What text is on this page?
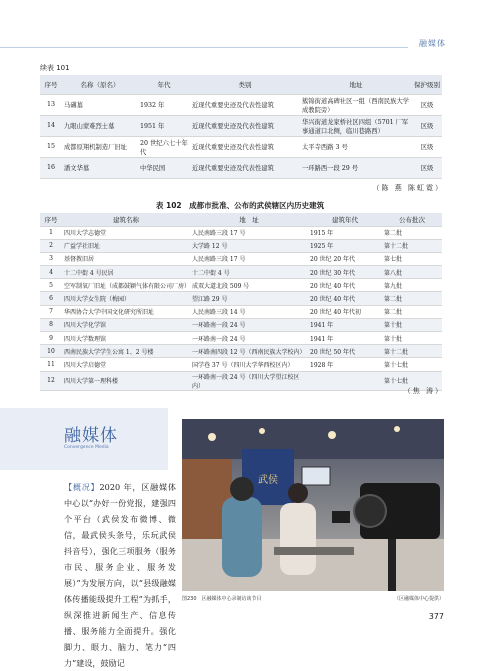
融媒体
续表 101
序号	名称（原名）	年代	类别	地址	保护级别
13	马礴墓	1932 年	近现代重要史迹及代表性建筑	簇锦街道高碑社区一组（西南民族大学成教院旁）	区级
14	九眼山蒙难烈士墓	1951 年	近现代重要史迹及代表性建筑	华兴街道龙家桥社区四组（5701 厂军事通道口北侧，临川巷路西）	区级
15	成都原翔机制造厂旧址	20 世纪六七十年代	近现代重要史迹及代表性建筑	太平寺西路 3 号	区级
16	潘文华墓	中华民国	近现代重要史迹及代表性建筑	一环路西一段 29 号	区级
（陈 燕 陈虹霓）
表 102　成都市批准、公布的武侯辖区内历史建筑
序号	建筑名称	地　址	建筑年代	公布批次
1	四川大学志德堂	人民南路三段 17 号	1915 年	第二批
2	广益学社旧址	大学路 12 号	1925 年	第十二批
3	基督教旧居	人民南路三段 17 号	20 世纪 20 年代	第七批
4	十二中街 4 号民居	十二中街 4 号	20 世纪 30 年代	第八批
5	空军制氧厂旧址（成都鼓颖气体有限公司厂房）	成双大道北段 509 号	20 世纪 40 年代	第九批
6	四川大学女生院（梅园）	望江路 29 号	20 世纪 40 年代	第二批
7	华西协合大学中国文化研究所旧址	人民南路三段 14 号	20 世纪 40 年代初	第二批
8	四川大学化学馆	一环路南一段 24 号	1941 年	第十批
9	四川大学数理馆	一环路南一段 24 号	1941 年	第十批
10	西南民族大学学生公寓 1、2 号楼	一环路南四段 12 号（西南民族大学校内）	20 世纪 50 年代	第十二批
11	四川大学启德堂	国学巷 37 号（四川大学华西校区内）	1928 年	第十七批
12	四川大学第一理科楼	一环路南一段 24 号（四川大学望江校区内）		第十七批
（焦 涛）
融媒体
Convergence Media
【概况】2020 年，区融媒体中心以“办好一份党报，建强四个平台（武侯发布微博、微信，最武侯头条号，乐玩武侯抖音号），强化三项服务（服务市民、服务企业、服务发展）”为发展方向，以“县级融媒体传播能级提升工程”为抓手，纵深推进新闻生产、信息传播、服务能力全面提升。强化脚力、眼力、脑力、笔力“四力”建设，鼓励记
武侯
图230　区融媒体中心录制访谈节目	（区融媒体中心提供）
377
